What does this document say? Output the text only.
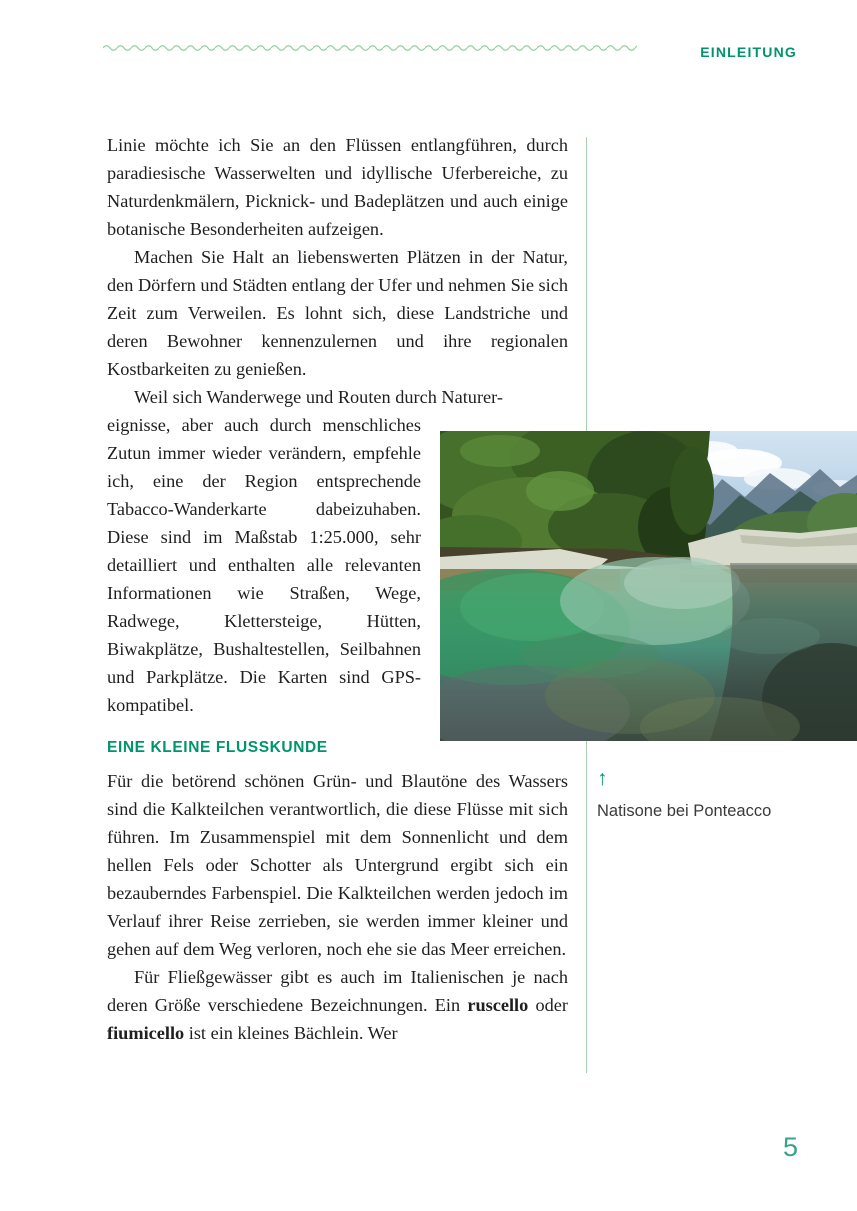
EINLEITUNG

Linie möchte ich Sie an den Flüssen entlangführen, durch paradiesische Wasserwelten und idyllische Uferbereiche, zu Naturdenkmälern, Picknick- und Badeplätzen und auch einige botanische Besonderheiten aufzeigen.

Machen Sie Halt an liebenswerten Plätzen in der Natur, den Dörfern und Städten entlang der Ufer und nehmen Sie sich Zeit zum Verweilen. Es lohnt sich, diese Landstriche und deren Bewohner kennenzulernen und ihre regionalen Kostbarkeiten zu genießen.

Weil sich Wanderwege und Routen durch Naturer-

eignisse, aber auch durch menschliches Zutun immer wieder verändern, empfehle ich, eine der Region entsprechende Tabacco-Wanderkarte dabeizuhaben. Diese sind im Maßstab 1:25.000, sehr detailliert und enthalten alle relevanten Informationen wie Straßen, Wege, Radwege, Klettersteige, Hütten, Biwakplätze, Bushaltestellen, Seilbahnen und Parkplätze. Die Karten sind GPS-kompatibel.

EINE KLEINE FLUSSKUNDE

Für die betörend schönen Grün- und Blautöne des Wassers sind die Kalkteilchen verantwortlich, die diese Flüsse mit sich führen. Im Zusammenspiel mit dem Sonnenlicht und dem hellen Fels oder Schotter als Untergrund ergibt sich ein bezauberndes Farbenspiel. Die Kalkteilchen werden jedoch im Verlauf ihrer Reise zerrieben, sie werden immer kleiner und gehen auf dem Weg verloren, noch ehe sie das Meer erreichen.

Für Fließgewässer gibt es auch im Italienischen je nach deren Größe verschiedene Bezeichnungen. Ein ruscello oder fiumicello ist ein kleines Bächlein. Wer

↑
Natisone bei Ponteacco
5
